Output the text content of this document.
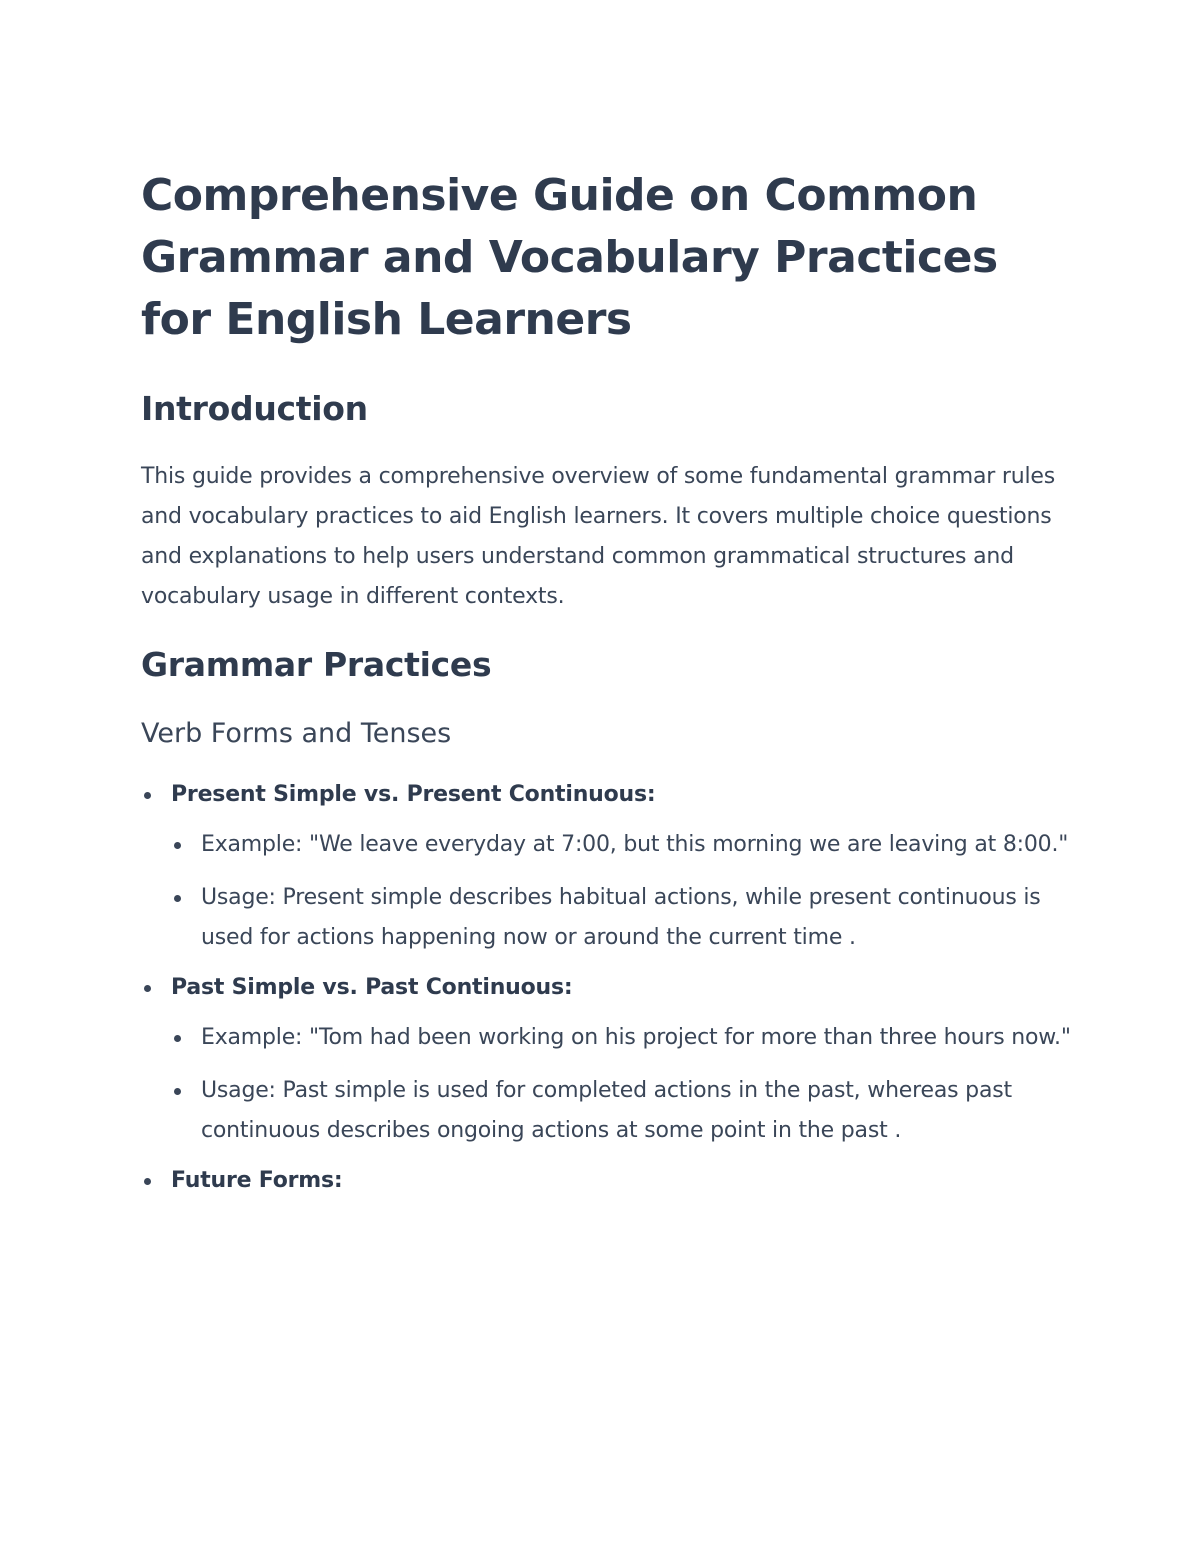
Comprehensive Guide on Common Grammar and Vocabulary Practices for English Learners
Introduction

This guide provides a comprehensive overview of some fundamental grammar rules and vocabulary practices to aid English learners. It covers multiple choice questions and explanations to help users understand common grammatical structures and vocabulary usage in different contexts.

Grammar Practices
Verb Forms and Tenses
Present Simple vs. Present Continuous:
Example: "We leave everyday at 7:00, but this morning we are leaving at 8:00."
Usage: Present simple describes habitual actions, while present continuous is used for actions happening now or around the current time .
Past Simple vs. Past Continuous:
Example: "Tom had been working on his project for more than three hours now."
Usage: Past simple is used for completed actions in the past, whereas past continuous describes ongoing actions at some point in the past .
Future Forms:
